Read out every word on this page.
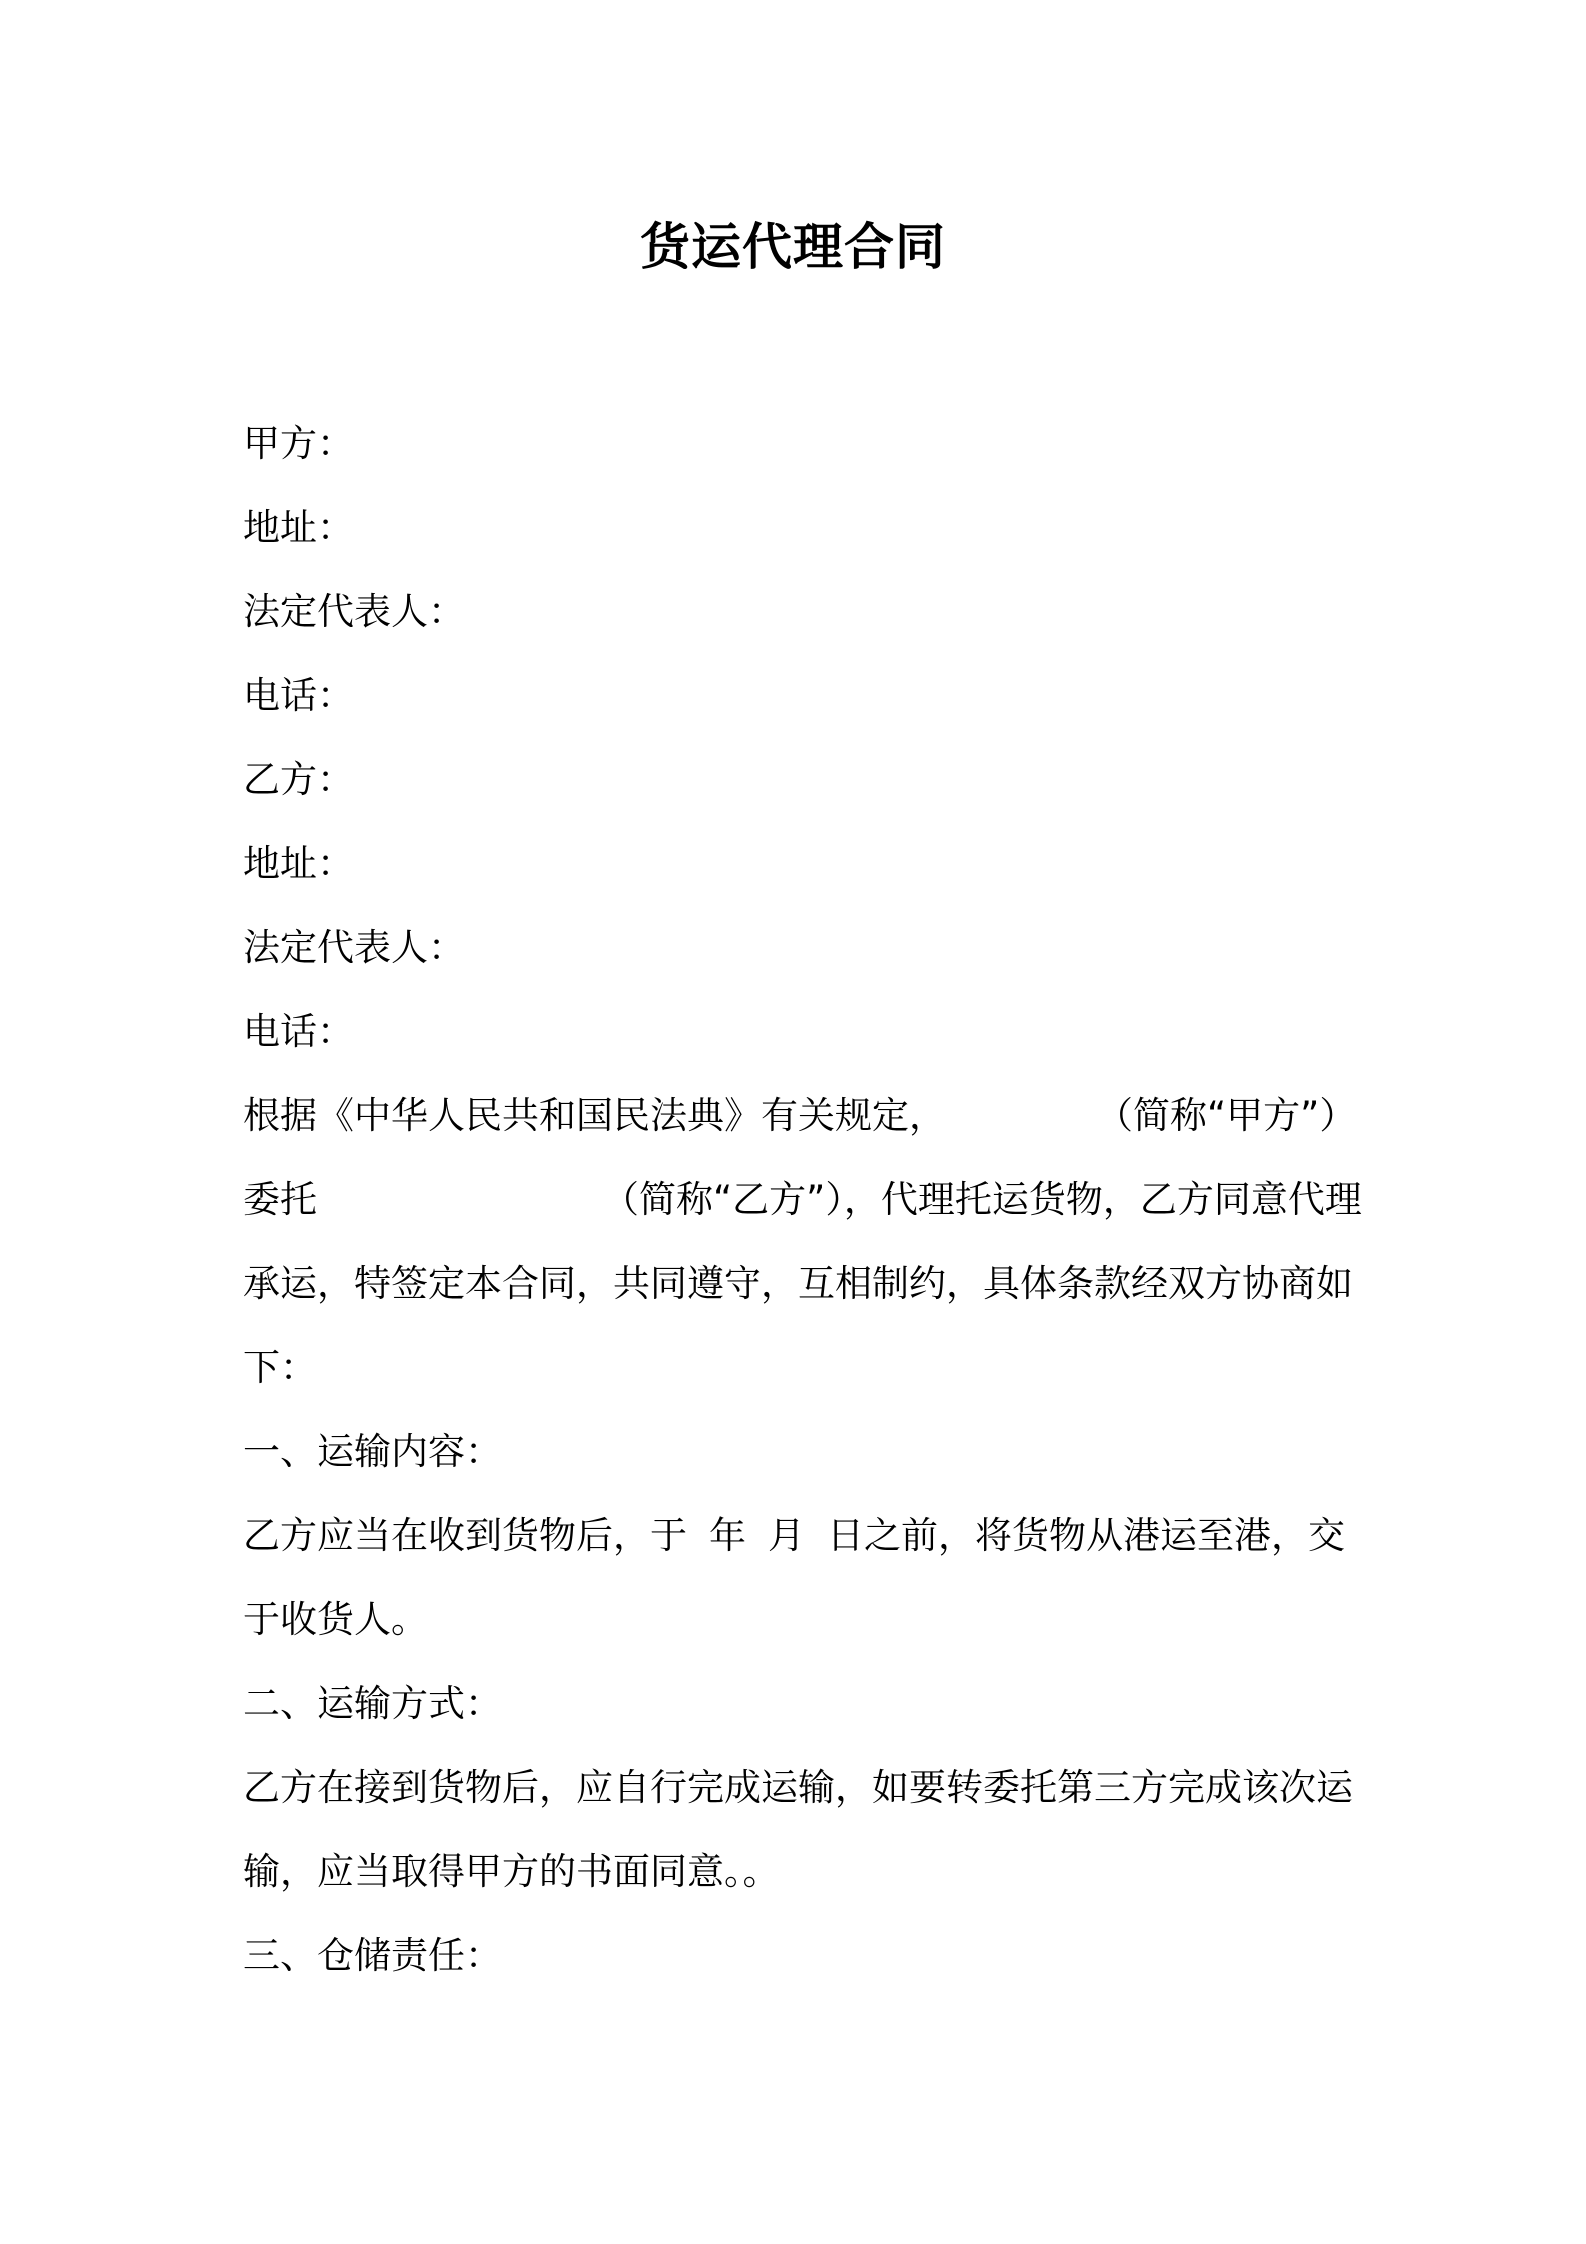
货运代理合同
甲方：
地址：
法定代表人：
电话：
乙方：
地址：
法定代表人：
电话：
根据《中华人民共和国民法典》有关规定，	（简称“甲方”）
委托	（简称“乙方”），代理托运货物，乙方同意代理
承运，特签定本合同，共同遵守，互相制约，具体条款经双方协商如
下：
一、运输内容：
乙方应当在收到货物后，于 年 月 日之前，将货物从港运至港，交
于收货人。
二、运输方式：
乙方在接到货物后，应自行完成运输，如要转委托第三方完成该次运
输，应当取得甲方的书面同意。。
三、仓储责任：
